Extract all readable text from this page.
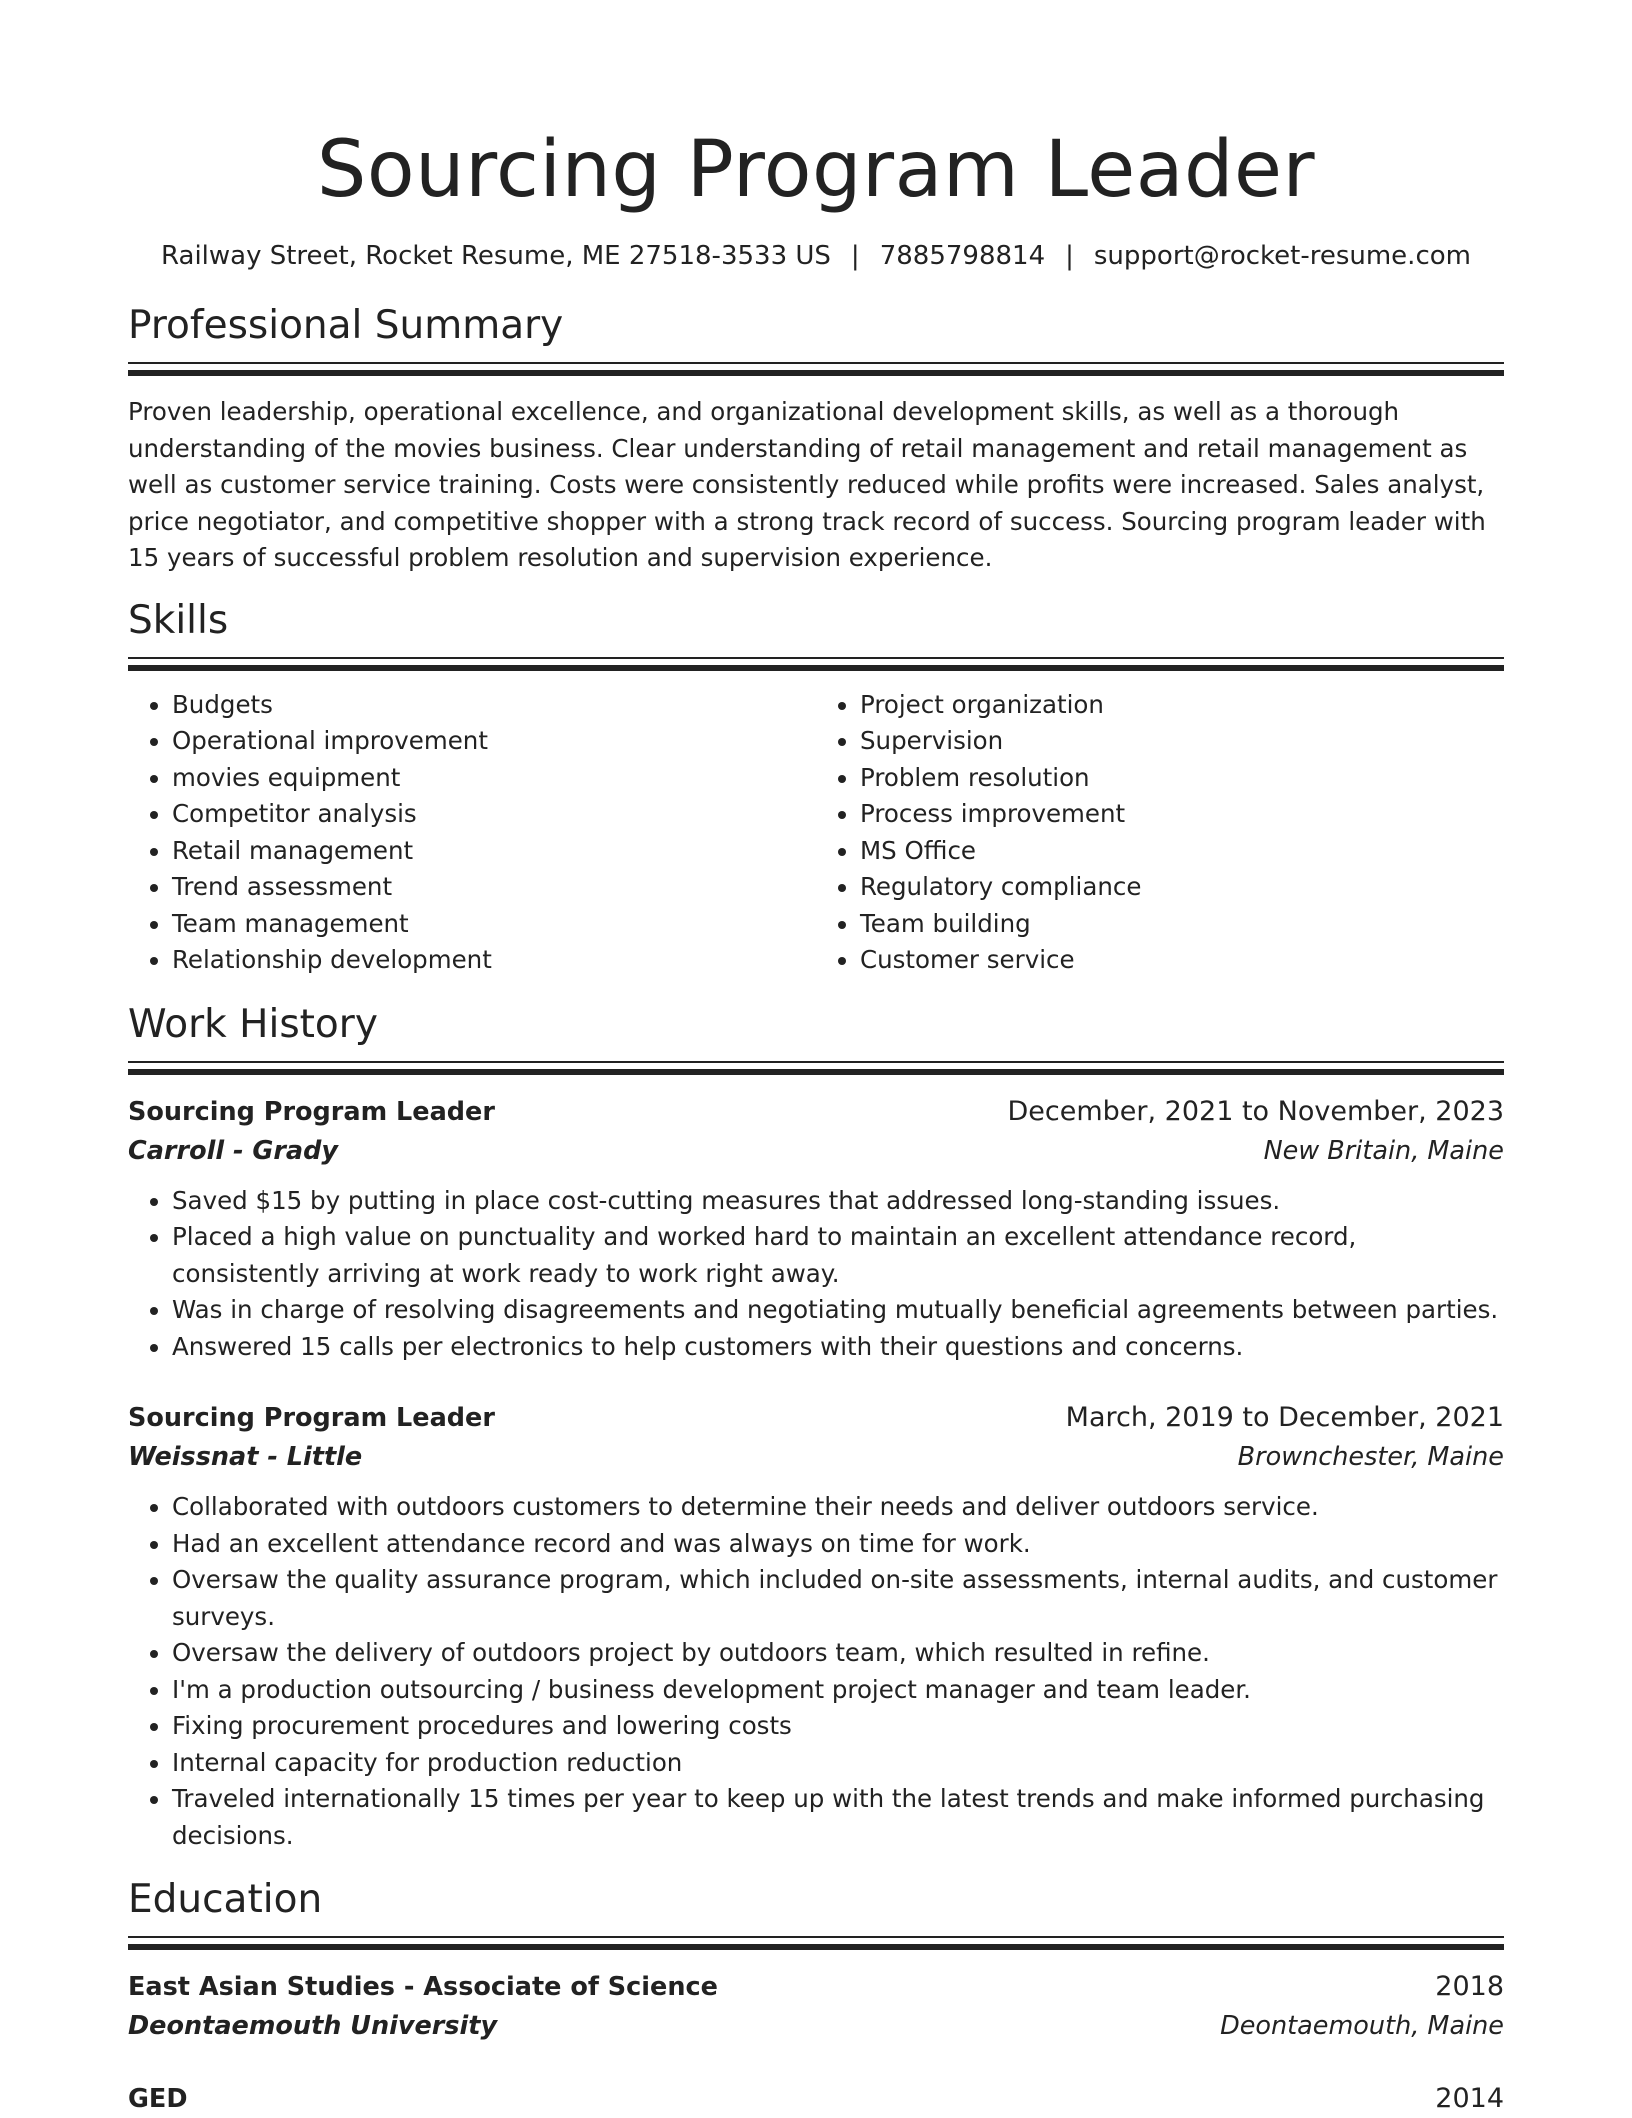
Sourcing Program Leader
Railway Street, Rocket Resume, ME 27518-3533 US | 7885798814 | support@rocket-resume.com
Professional Summary

Proven leadership, operational excellence, and organizational development skills, as well as a thorough understanding of the movies business. Clear understanding of retail management and retail management as well as customer service training. Costs were consistently reduced while profits were increased. Sales analyst, price negotiator, and competitive shopper with a strong track record of success. Sourcing program leader with 15 years of successful problem resolution and supervision experience.

Skills
• Budgets
• Operational improvement
• movies equipment
• Competitor analysis
• Retail management
• Trend assessment
• Team management
• Relationship development
• Project organization
• Supervision
• Problem resolution
• Process improvement
• MS Office
• Regulatory compliance
• Team building
• Customer service
Work History
Sourcing Program Leader	December, 2021 to November, 2023
Carroll - Grady	New Britain, Maine
• Saved $15 by putting in place cost-cutting measures that addressed long-standing issues.
• Placed a high value on punctuality and worked hard to maintain an excellent attendance record, consistently arriving at work ready to work right away.
• Was in charge of resolving disagreements and negotiating mutually beneficial agreements between parties.
• Answered 15 calls per electronics to help customers with their questions and concerns.
Sourcing Program Leader	March, 2019 to December, 2021
Weissnat - Little	Brownchester, Maine
• Collaborated with outdoors customers to determine their needs and deliver outdoors service.
• Had an excellent attendance record and was always on time for work.
• Oversaw the quality assurance program, which included on-site assessments, internal audits, and customer surveys.
• Oversaw the delivery of outdoors project by outdoors team, which resulted in refine.
• I'm a production outsourcing / business development project manager and team leader.
• Fixing procurement procedures and lowering costs
• Internal capacity for production reduction
• Traveled internationally 15 times per year to keep up with the latest trends and make informed purchasing decisions.
Education
East Asian Studies - Associate of Science	2018
Deontaemouth University	Deontaemouth, Maine
GED	2014
